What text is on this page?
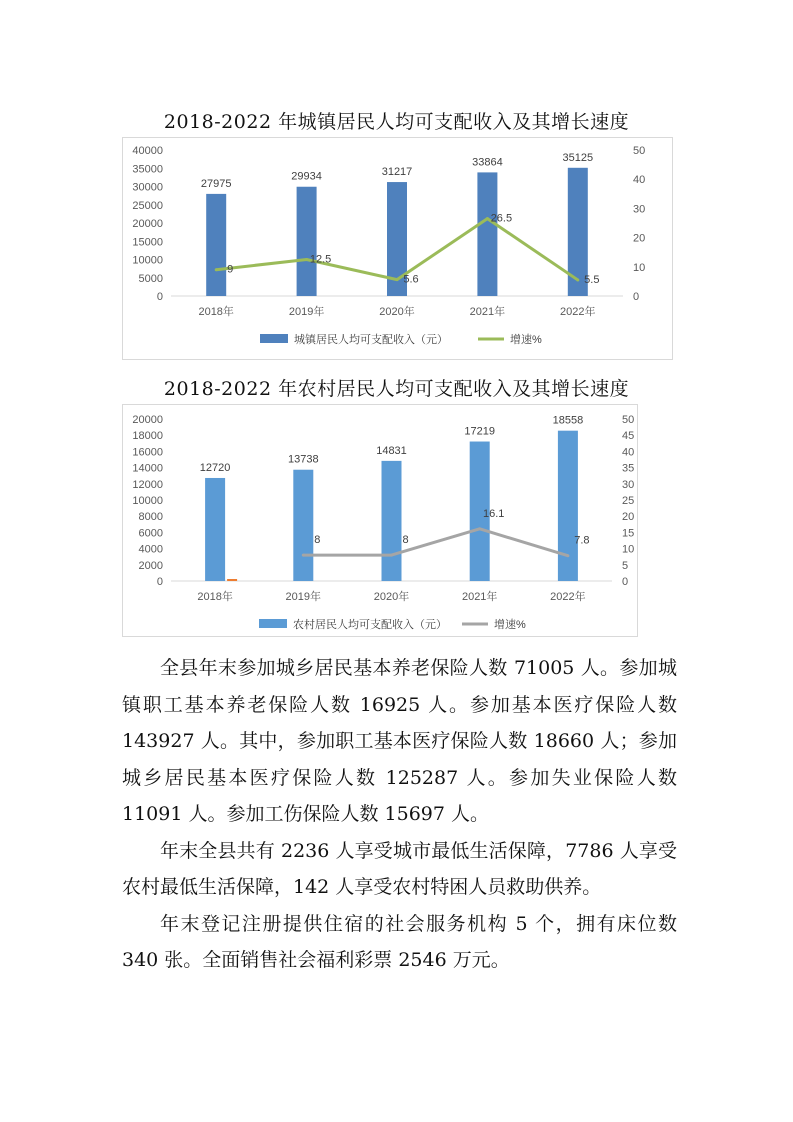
2018-2022 年城镇居民人均可支配收入及其增长速度
0
5000
10000
15000
20000
25000
30000
35000
40000
0
10
20
30
40
50
27975
29934	31217
33864	35125
2018年	2019年	2020年	2021年	2022年
9
12.5
5.6
26.5
5.5
城镇居民人均可支配收入（元）	增速%
2018-2022 年农村居民人均可支配收入及其增长速度
0
2000
4000
6000
8000
10000
12000
14000
16000
18000
20000
0
5
10
15
20
25
30
35
40
45
50
12720
13738
14831
17219
18558
2018年	2019年	2020年	2021年	2022年
8	8
16.1
7.8
农村居民人均可支配收入（元）	增速%

全县年末参加城乡居民基本养老保险人数 71005 人。参加城镇职工基本养老保险人数 16925 人。参加基本医疗保险人数 143927 人。其中，参加职工基本医疗保险人数 18660 人；参加城乡居民基本医疗保险人数 125287 人。参加失业保险人数 11091 人。参加工伤保险人数 15697 人。

年末全县共有 2236 人享受城市最低生活保障，7786 人享受农村最低生活保障，142 人享受农村特困人员救助供养。

年末登记注册提供住宿的社会服务机构 5 个，拥有床位数 340 张。全面销售社会福利彩票 2546 万元。
